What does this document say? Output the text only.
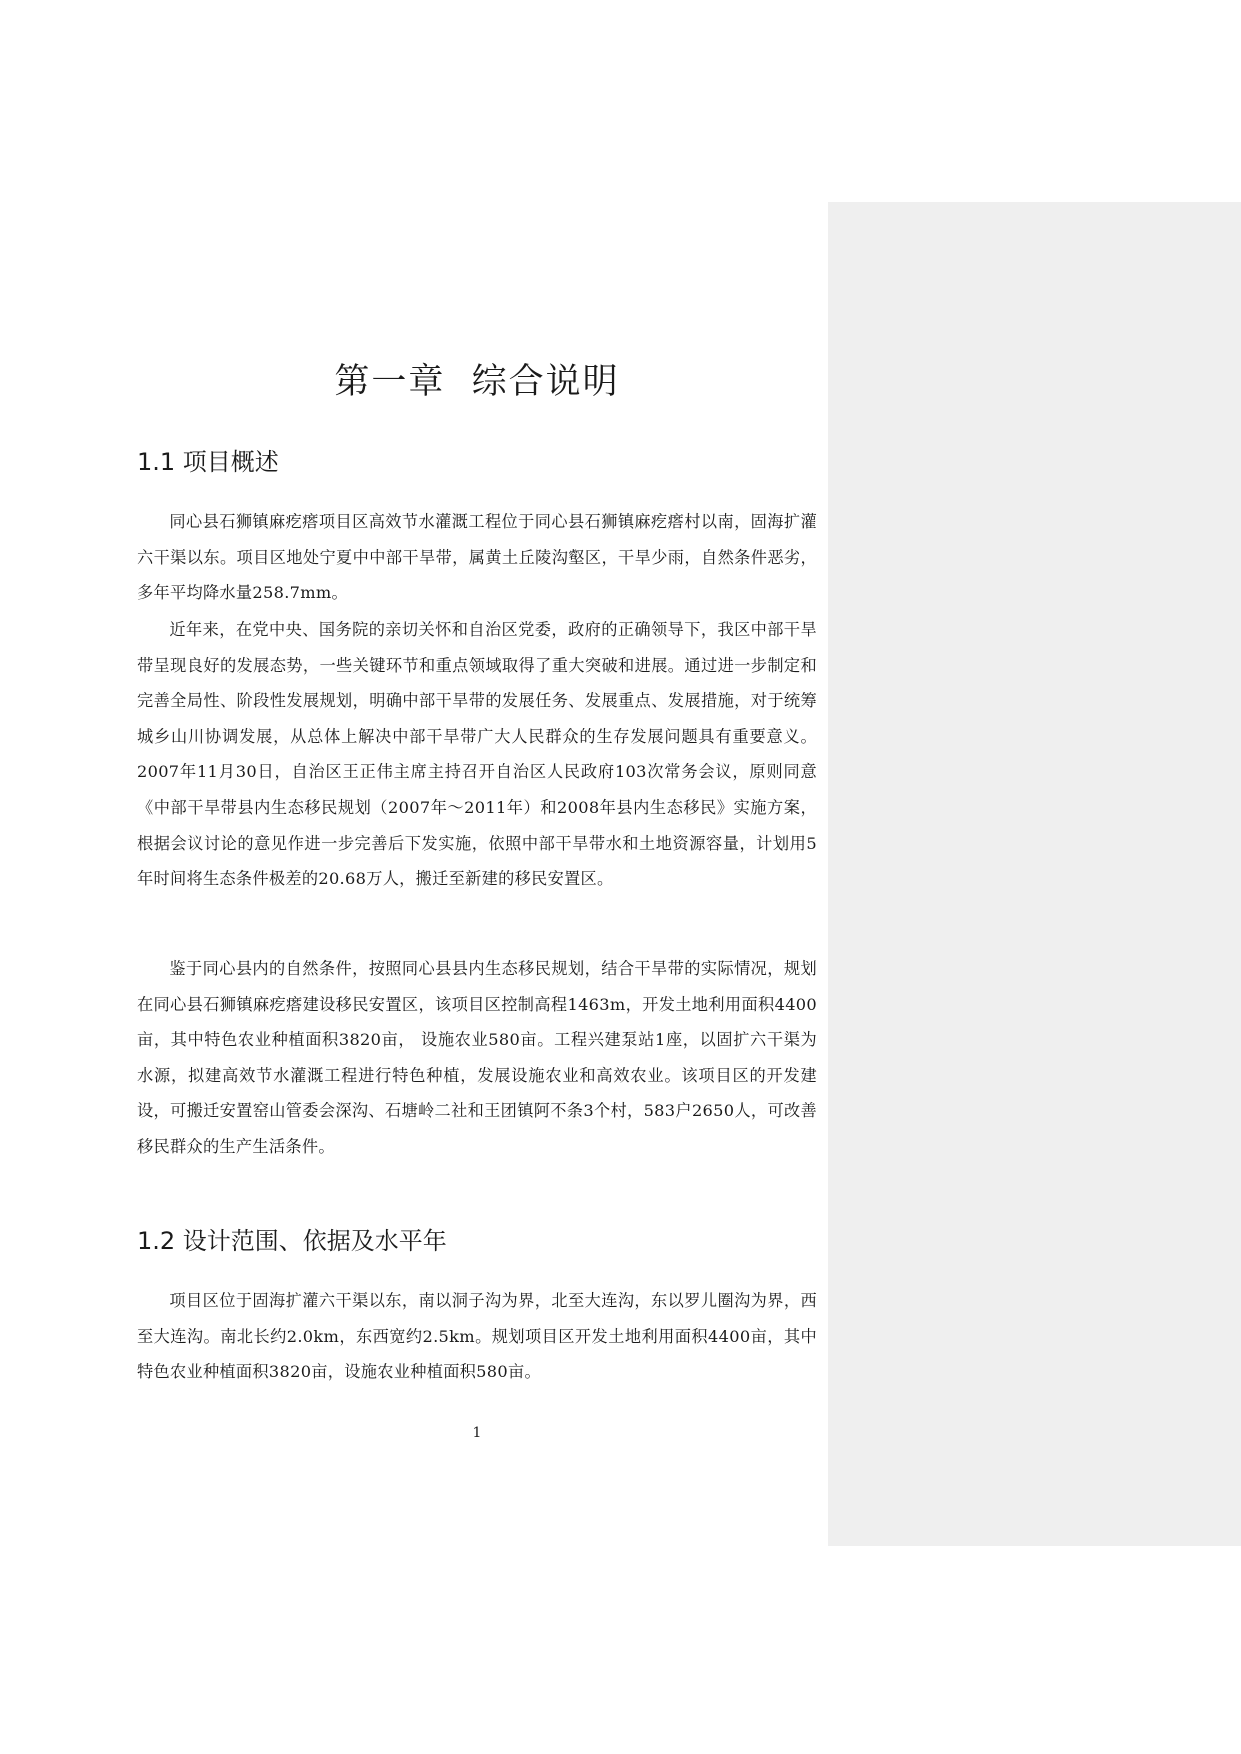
第一章  综合说明
1.1 项目概述

同心县石狮镇麻疙瘩项目区高效节水灌溉工程位于同心县石狮镇麻疙瘩村以南，固海扩灌六干渠以东。项目区地处宁夏中中部干旱带，属黄土丘陵沟壑区，干旱少雨，自然条件恶劣，多年平均降水量258.7mm。

近年来，在党中央、国务院的亲切关怀和自治区党委，政府的正确领导下，我区中部干旱带呈现良好的发展态势，一些关键环节和重点领域取得了重大突破和进展。通过进一步制定和完善全局性、阶段性发展规划，明确中部干旱带的发展任务、发展重点、发展措施，对于统筹城乡山川协调发展，从总体上解决中部干旱带广大人民群众的生存发展问题具有重要意义。2007年11月30日，自治区王正伟主席主持召开自治区人民政府103次常务会议，原则同意《中部干旱带县内生态移民规划（2007年～2011年）和2008年县内生态移民》实施方案，根据会议讨论的意见作进一步完善后下发实施，依照中部干旱带水和土地资源容量，计划用5年时间将生态条件极差的20.68万人，搬迁至新建的移民安置区。

鉴于同心县内的自然条件，按照同心县县内生态移民规划，结合干旱带的实际情况，规划在同心县石狮镇麻疙瘩建设移民安置区，该项目区控制高程1463m，开发土地利用面积4400亩，其中特色农业种植面积3820亩， 设施农业580亩。工程兴建泵站1座，以固扩六干渠为水源，拟建高效节水灌溉工程进行特色种植，发展设施农业和高效农业。该项目区的开发建设，可搬迁安置窑山管委会深沟、石塘岭二社和王团镇阿不条3个村，583户2650人，可改善移民群众的生产生活条件。

1.2 设计范围、依据及水平年

项目区位于固海扩灌六干渠以东，南以洞子沟为界，北至大连沟，东以罗儿圈沟为界，西至大连沟。南北长约2.0km，东西宽约2.5km。规划项目区开发土地利用面积4400亩，其中特色农业种植面积3820亩，设施农业种植面积580亩。

1
